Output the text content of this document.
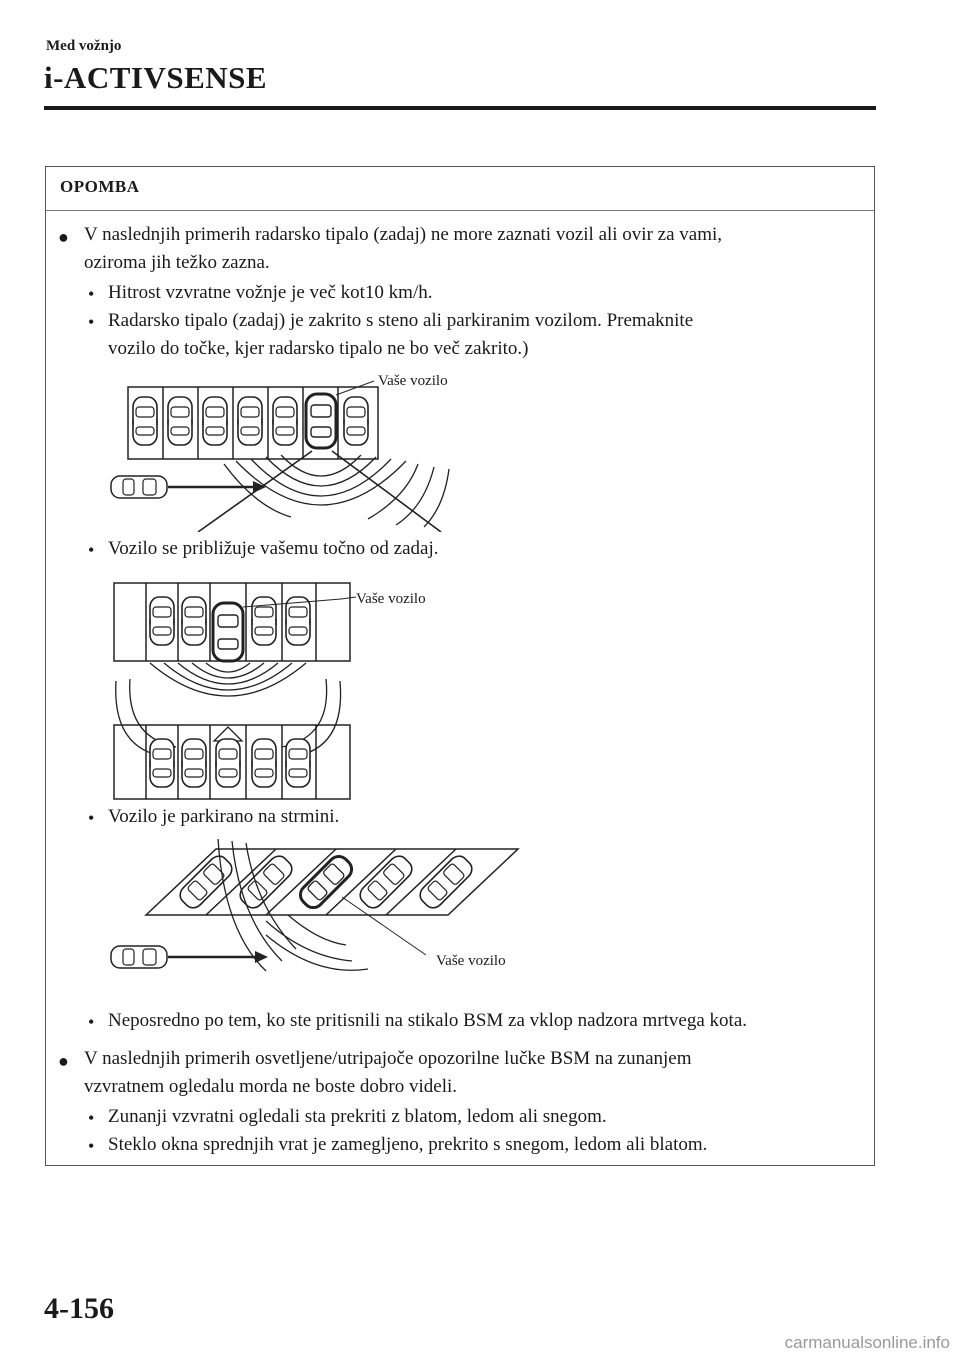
Med vožnjo
i-ACTIVSENSE
OPOMBA
● V naslednjih primerih radarsko tipalo (zadaj) ne more zaznati vozil ali ovir za vami,
oziroma jih težko zazna.
• Hitrost vzvratne vožnje je več kot10 km/h.
• Radarsko tipalo (zadaj) je zakrito s steno ali parkiranim vozilom. Premaknite
vozilo do točke, kjer radarsko tipalo ne bo več zakrito.)
Vaše vozilo
• Vozilo se približuje vašemu točno od zadaj.
Vaše vozilo
• Vozilo je parkirano na strmini.
Vaše vozilo
• Neposredno po tem, ko ste pritisnili na stikalo BSM za vklop nadzora mrtvega kota.
● V naslednjih primerih osvetljene/utripajoče opozorilne lučke BSM na zunanjem
vzvratnem ogledalu morda ne boste dobro videli.
• Zunanji vzvratni ogledali sta prekriti z blatom, ledom ali snegom.
• Steklo okna sprednjih vrat je zamegljeno, prekrito s snegom, ledom ali blatom.
4-156
carmanualsonline.info
